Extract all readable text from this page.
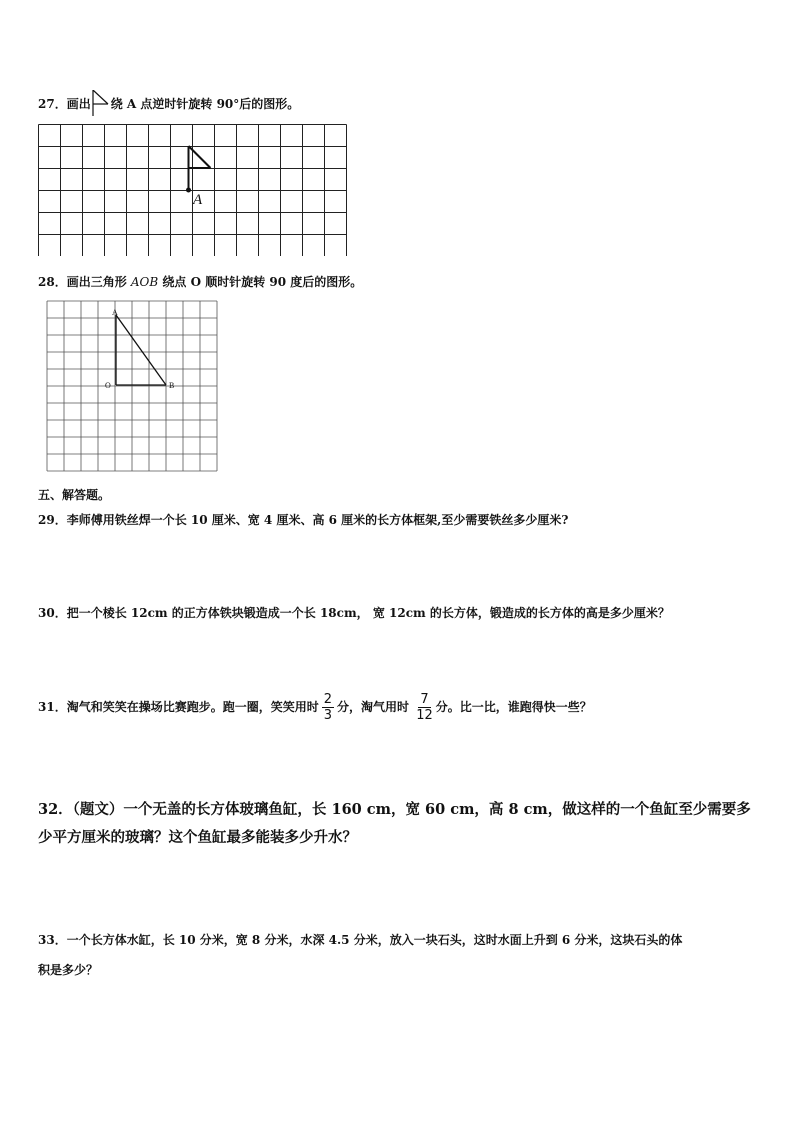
27．画出 绕 A 点逆时针旋转 90°后的图形。
A
28．画出三角形 AOB 绕点 O 顺时针旋转 90 度后的图形。
A
O	B
五、解答题。
29．李师傅用铁丝焊一个长 10 厘米、宽 4 厘米、高 6 厘米的长方体框架,至少需要铁丝多少厘米?
30．把一个棱长 12cm 的正方体铁块锻造成一个长 18cm， 宽 12cm 的长方体，锻造成的长方体的高是多少厘米？
31．淘气和笑笑在操场比赛跑步。跑一圈，笑笑用时 $\frac{2}{3}$ 分，淘气用时 $\frac{7}{12}$ 分。比一比，谁跑得快一些？
32．（题文）一个无盖的长方体玻璃鱼缸，长 160 cm，宽 60 cm，高 8 cm，做这样的一个鱼缸至少需要多
少平方厘米的玻璃？这个鱼缸最多能装多少升水？
33．一个长方体水缸，长 10 分米，宽 8 分米，水深 4.5 分米，放入一块石头，这时水面上升到 6 分米，这块石头的体
积是多少？
